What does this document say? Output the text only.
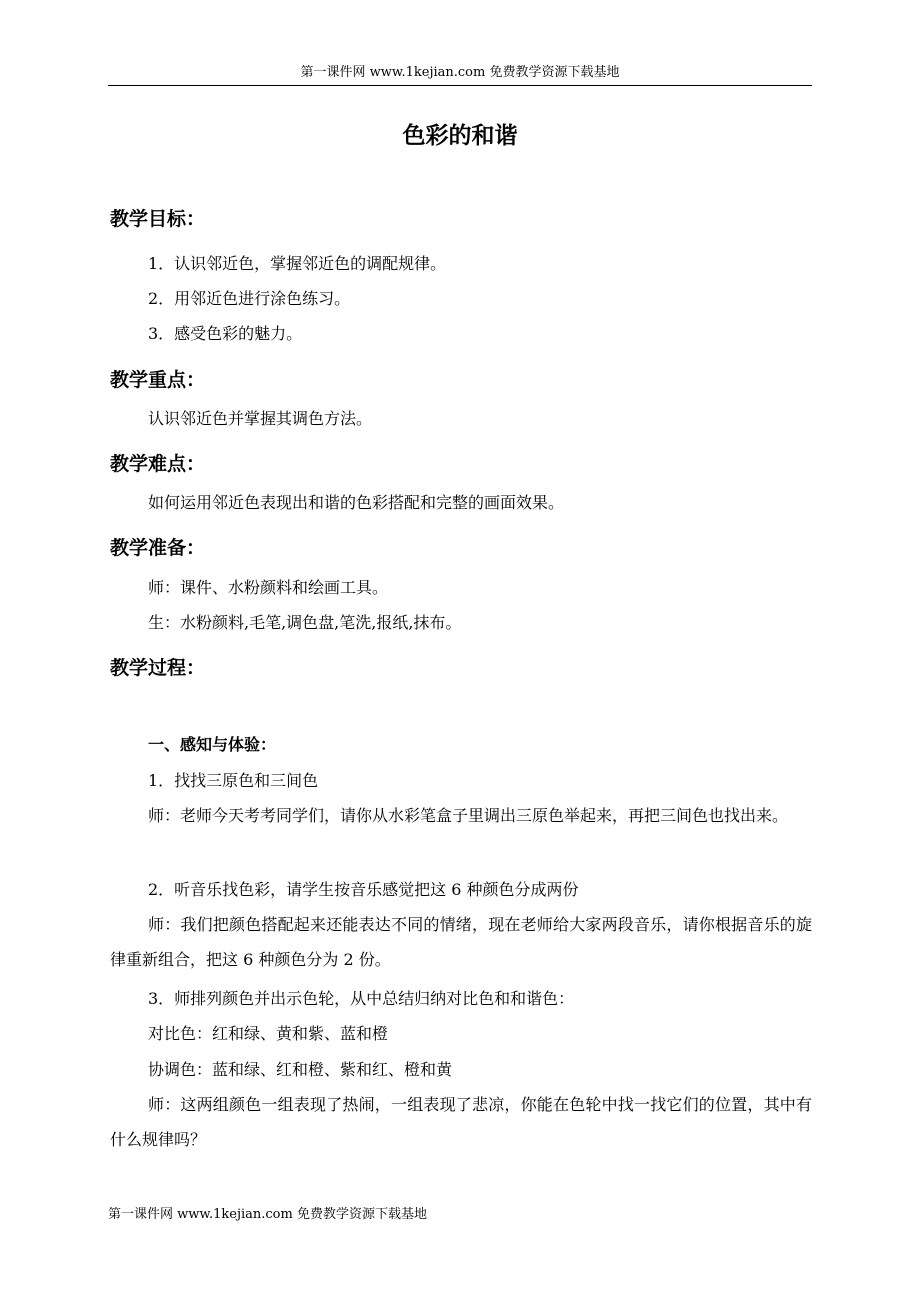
第一课件网 www.1kejian.com 免费教学资源下载基地
色彩的和谐
教学目标：
1．认识邻近色，掌握邻近色的调配规律。
2．用邻近色进行涂色练习。
3．感受色彩的魅力。
教学重点：
认识邻近色并掌握其调色方法。
教学难点：
如何运用邻近色表现出和谐的色彩搭配和完整的画面效果。
教学准备：
师：课件、水粉颜料和绘画工具。
生：水粉颜料,毛笔,调色盘,笔洗,报纸,抹布。
教学过程：
一、感知与体验：
1．找找三原色和三间色
师：老师今天考考同学们，请你从水彩笔盒子里调出三原色举起来，再把三间色也找出来。
2．听音乐找色彩，请学生按音乐感觉把这 6 种颜色分成两份
师：我们把颜色搭配起来还能表达不同的情绪，现在老师给大家两段音乐，请你根据音乐的旋律重新组合，把这 6 种颜色分为 2 份。
3．师排列颜色并出示色轮，从中总结归纳对比色和和谐色：
对比色：红和绿、黄和紫、蓝和橙
协调色：蓝和绿、红和橙、紫和红、橙和黄
师：这两组颜色一组表现了热闹，一组表现了悲凉，你能在色轮中找一找它们的位置，其中有什么规律吗？
第一课件网 www.1kejian.com 免费教学资源下载基地
